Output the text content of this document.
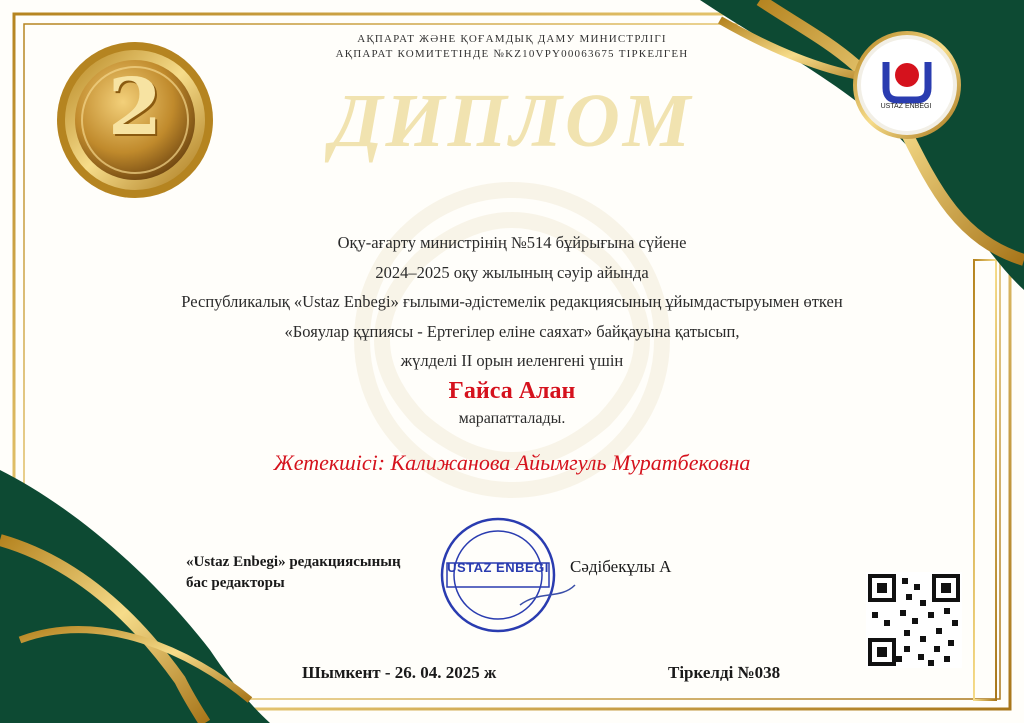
АҚПАРАТ ЖӘНЕ ҚОҒАМДЫҚ ДАМУ МИНИСТРЛІГІ
АҚПАРАТ КОМИТЕТІНДЕ №KZ10VPY00063675 ТІРКЕЛГЕН
ДИПЛОМ
2	USTAZ ENBEGI
Оқу-ағарту министрінің №514 бұйрығына сүйене
2024–2025 оқу жылының сәуір айында
Республикалық «Ustaz Enbegi» ғылыми-әдістемелік редакциясының ұйымдастыруымен өткен
«Бояулар құпиясы - Ертегілер еліне саяхат» байқауына қатысып,
жүлделі II орын иеленгені үшін
Ғайса Алан
марапатталады.
Жетекшісі: Калижанова Айымгуль Муратбековна
«Ustaz Enbegi» редакциясының
бас редакторы
USTAZ ENBEGI Сәдібекұлы А
Шымкент - 26. 04. 2025 ж	Тіркелді №038
